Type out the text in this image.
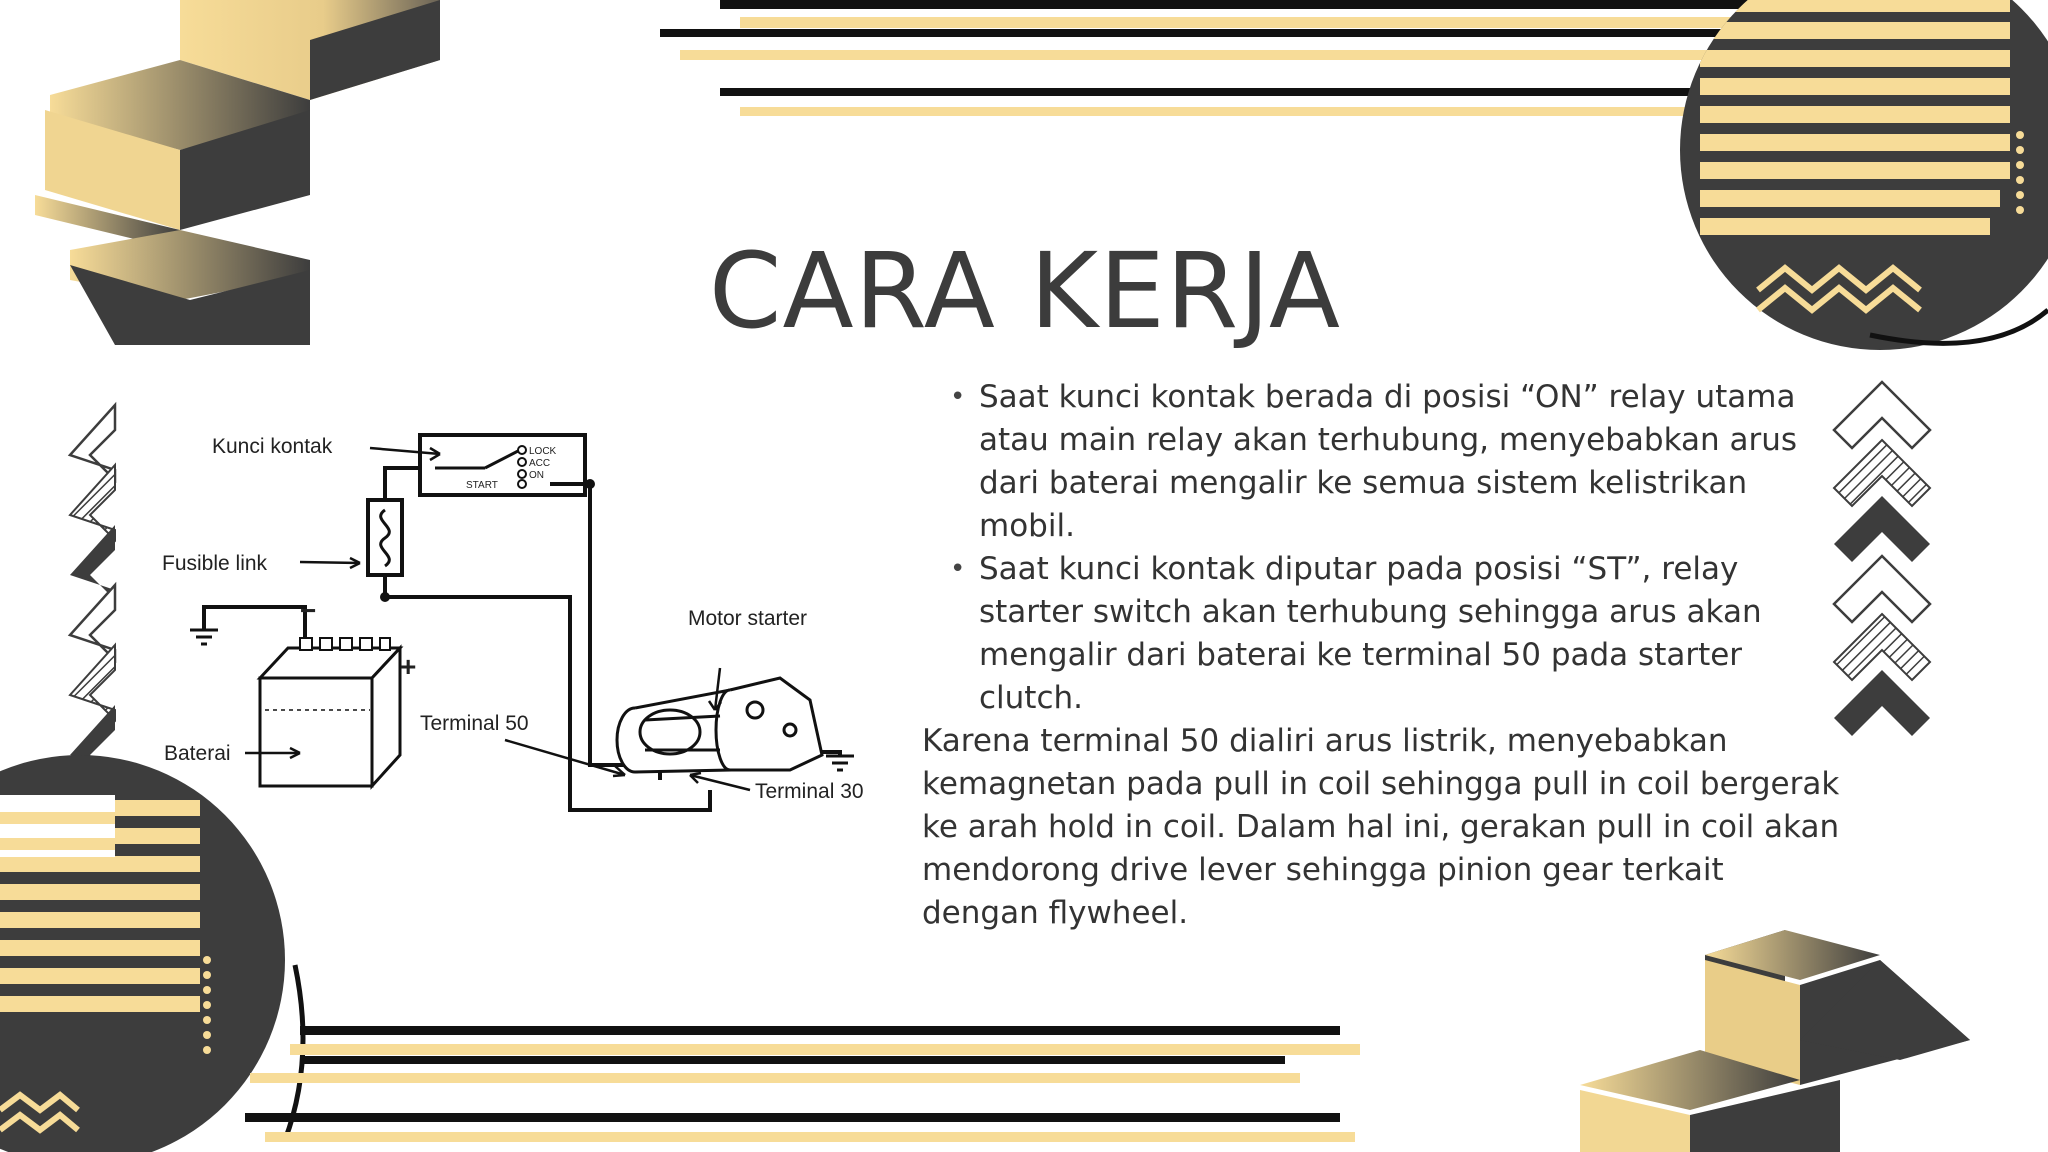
CARA KERJA
LOCK
ACC
ON
START
−
+
Kunci kontak
Fusible link
Baterai
Motor starter
Terminal 50
Terminal 30
• Saat kunci kontak berada di posisi “ON” relay utama atau main relay akan terhubung, menyebabkan arus dari baterai mengalir ke semua sistem kelistrikan mobil.
• Saat kunci kontak diputar pada posisi “ST”, relay starter switch akan terhubung sehingga arus akan mengalir dari baterai ke terminal 50 pada starter clutch.

Karena terminal 50 dialiri arus listrik, menyebabkan kemagnetan pada pull in coil sehingga pull in coil bergerak ke arah hold in coil. Dalam hal ini, gerakan pull in coil akan mendorong drive lever sehingga pinion gear terkait dengan flywheel.
